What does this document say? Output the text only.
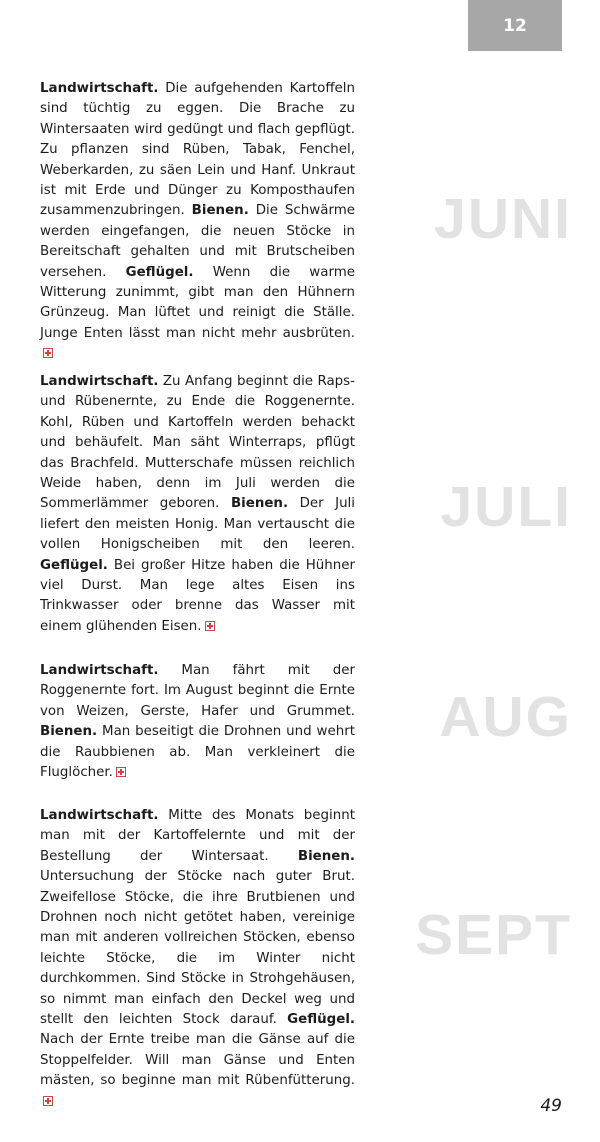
12
JUNI
JULI
AUG
SEPT

Landwirtschaft. Die aufgehenden Kartoffeln sind tüchtig zu eggen. Die Brache zu Wintersaaten wird gedüngt und flach gepflügt. Zu pflanzen sind Rüben, Tabak, Fenchel, Weberkarden, zu säen Lein und Hanf. Unkraut ist mit Erde und Dünger zu Komposthaufen zusammenzubringen. Bienen. Die Schwärme werden eingefangen, die neuen Stöcke in Bereitschaft gehalten und mit Brutscheiben versehen. Geflügel. Wenn die warme Witterung zunimmt, gibt man den Hühnern Grünzeug. Man lüftet und reinigt die Ställe. Junge Enten lässt man nicht mehr ausbrüten.

Landwirtschaft. Zu Anfang beginnt die Raps- und Rübenernte, zu Ende die Roggenernte. Kohl, Rüben und Kartoffeln werden behackt und behäufelt. Man säht Winterraps, pflügt das Brachfeld. Mutterschafe müssen reichlich Weide haben, denn im Juli werden die Sommerlämmer geboren. Bienen. Der Juli liefert den meisten Honig. Man vertauscht die vollen Honigscheiben mit den leeren. Geflügel. Bei großer Hitze haben die Hühner viel Durst. Man lege altes Eisen ins Trinkwasser oder brenne das Wasser mit einem glühenden Eisen.

Landwirtschaft. Man fährt mit der Roggenernte fort. Im August beginnt die Ernte von Weizen, Gerste, Hafer und Grummet. Bienen. Man beseitigt die Drohnen und wehrt die Raubbienen ab. Man verkleinert die Fluglöcher.

Landwirtschaft. Mitte des Monats beginnt man mit der Kartoffelernte und mit der Bestellung der Wintersaat. Bienen. Untersuchung der Stöcke nach guter Brut. Zweifellose Stöcke, die ihre Brutbienen und Drohnen noch nicht getötet haben, vereinige man mit anderen vollreichen Stöcken, ebenso leichte Stöcke, die im Winter nicht durchkommen. Sind Stöcke in Strohgehäusen, so nimmt man einfach den Deckel weg und stellt den leichten Stock darauf. Geflügel. Nach der Ernte treibe man die Gänse auf die Stoppelfelder. Will man Gänse und Enten mästen, so beginne man mit Rübenfütterung.

49
